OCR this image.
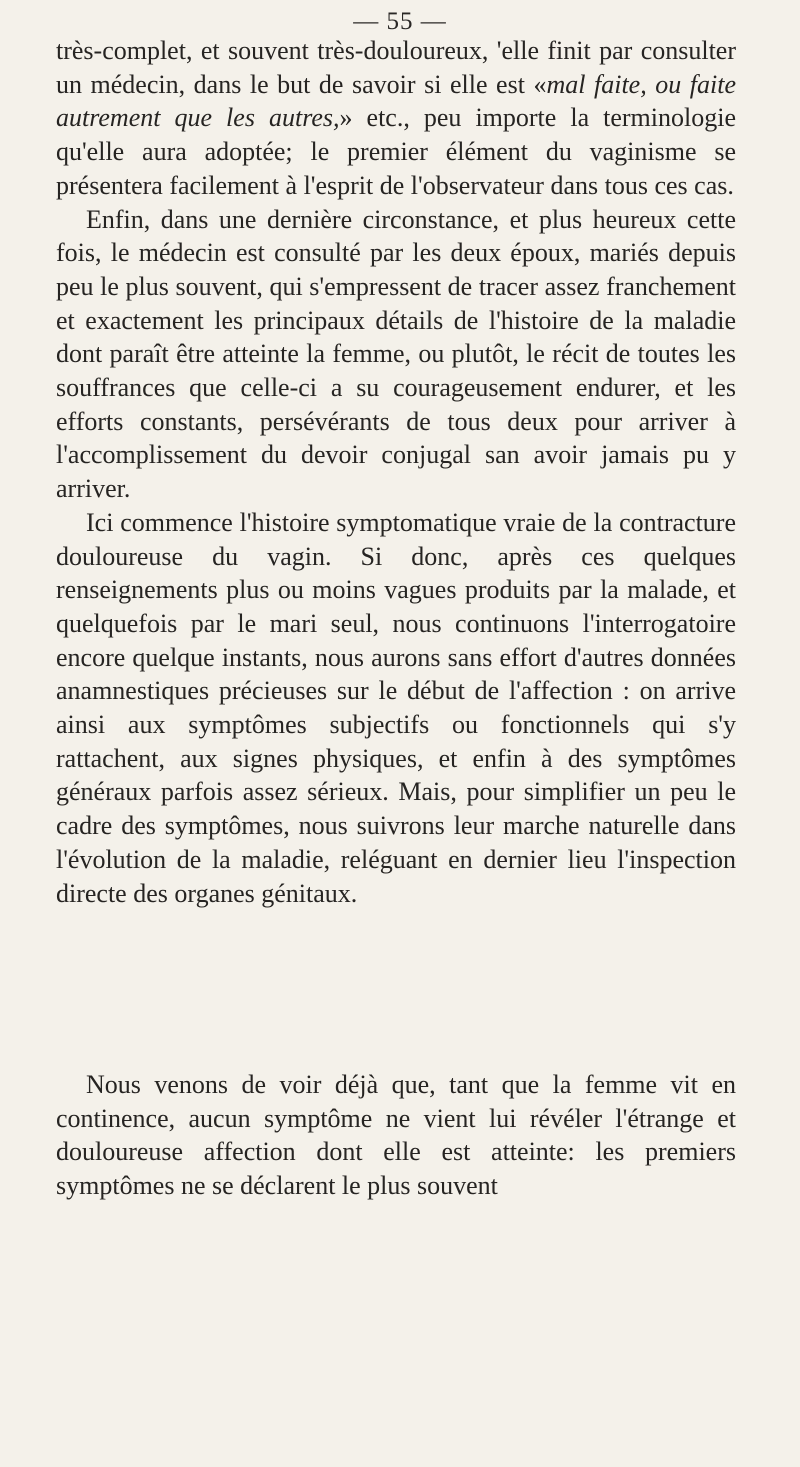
— 55 —

très-complet, et souvent très-douloureux, 'elle finit par consulter un médecin, dans le but de savoir si elle est «mal faite, ou faite autrement que les autres,» etc., peu importe la terminologie qu'elle aura adoptée; le premier élément du vaginisme se présentera facilement à l'esprit de l'observateur dans tous ces cas.

Enfin, dans une dernière circonstance, et plus heureux cette fois, le médecin est consulté par les deux époux, mariés depuis peu le plus souvent, qui s'empressent de tracer assez franchement et exactement les principaux détails de l'histoire de la maladie dont paraît être atteinte la femme, ou plutôt, le récit de toutes les souffrances que celle-ci a su courageusement endurer, et les efforts constants, persévérants de tous deux pour arriver à l'accomplissement du devoir conjugal san avoir jamais pu y arriver.

Ici commence l'histoire symptomatique vraie de la contracture douloureuse du vagin. Si donc, après ces quelques renseignements plus ou moins vagues produits par la malade, et quelquefois par le mari seul, nous continuons l'interrogatoire encore quelque instants, nous aurons sans effort d'autres données anamnestiques précieuses sur le début de l'affection : on arrive ainsi aux symptômes subjectifs ou fonctionnels qui s'y rattachent, aux signes physiques, et enfin à des symptômes généraux parfois assez sérieux. Mais, pour simplifier un peu le cadre des symptômes, nous suivrons leur marche naturelle dans l'évolution de la maladie, reléguant en dernier lieu l'inspection directe des organes génitaux.

Nous venons de voir déjà que, tant que la femme vit en continence, aucun symptôme ne vient lui révéler l'étrange et douloureuse affection dont elle est atteinte: les premiers symptômes ne se déclarent le plus souvent
